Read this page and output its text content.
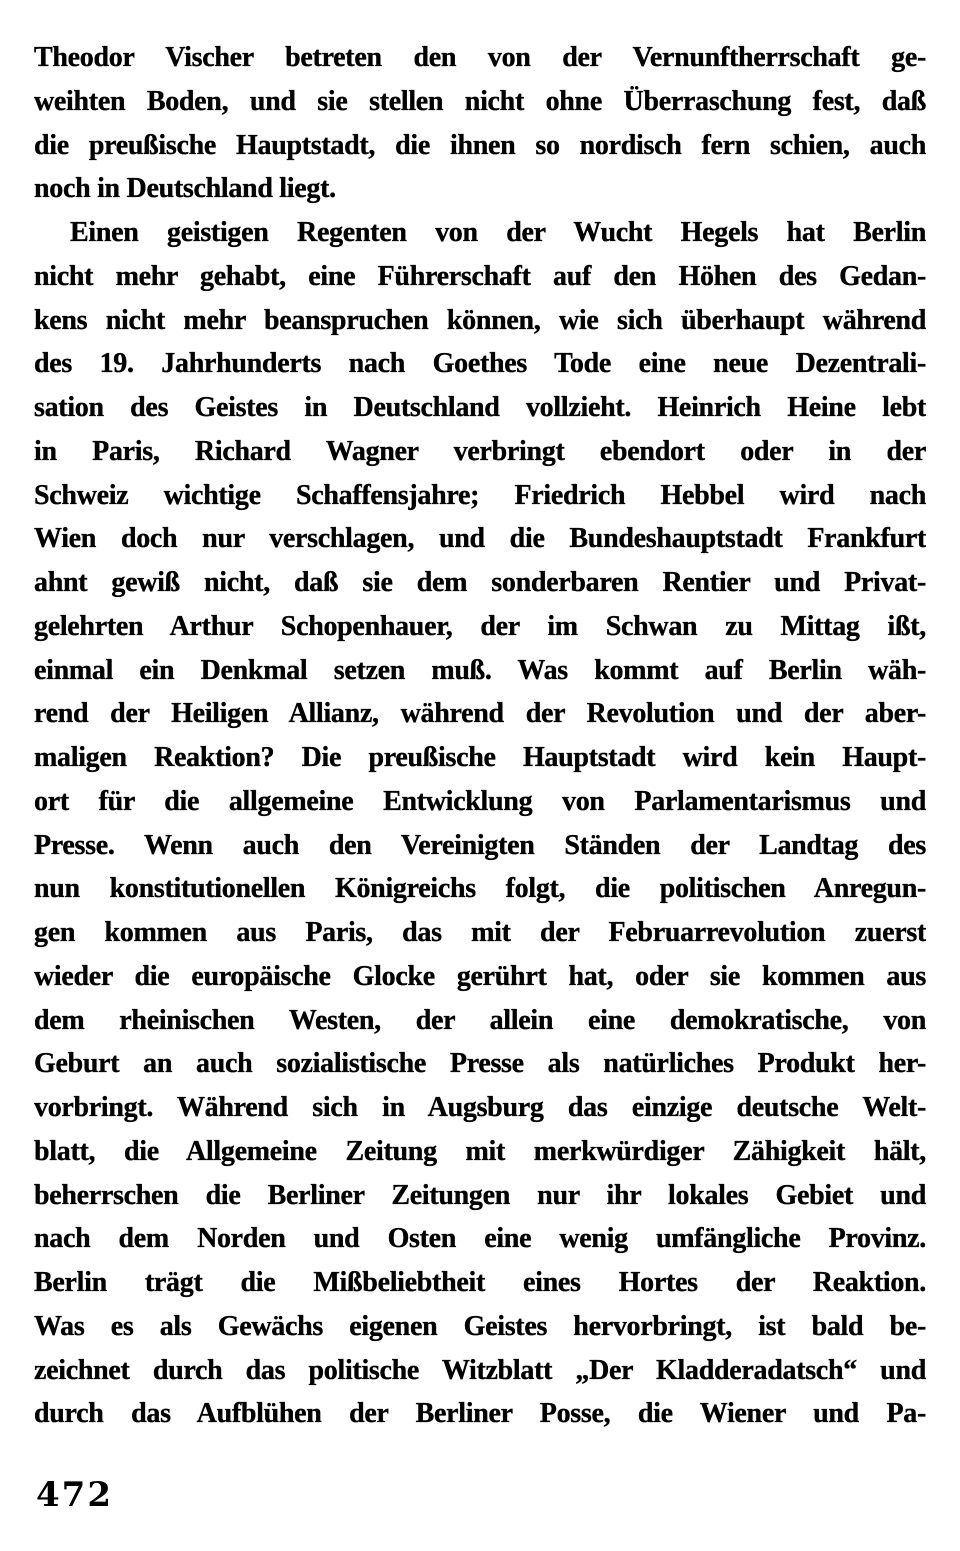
Theodor Vischer betreten den von der Vernunftherrschaft ge-
weihten Boden, und sie stellen nicht ohne Überraschung fest, daß
die preußische Hauptstadt, die ihnen so nordisch fern schien, auch
noch in Deutschland liegt.
Einen geistigen Regenten von der Wucht Hegels hat Berlin
nicht mehr gehabt, eine Führerschaft auf den Höhen des Gedan-
kens nicht mehr beanspruchen können, wie sich überhaupt während
des 19. Jahrhunderts nach Goethes Tode eine neue Dezentrali-
sation des Geistes in Deutschland vollzieht. Heinrich Heine lebt
in Paris, Richard Wagner verbringt ebendort oder in der
Schweiz wichtige Schaffensjahre; Friedrich Hebbel wird nach
Wien doch nur verschlagen, und die Bundeshauptstadt Frankfurt
ahnt gewiß nicht, daß sie dem sonderbaren Rentier und Privat-
gelehrten Arthur Schopenhauer, der im Schwan zu Mittag ißt,
einmal ein Denkmal setzen muß. Was kommt auf Berlin wäh-
rend der Heiligen Allianz, während der Revolution und der aber-
maligen Reaktion? Die preußische Hauptstadt wird kein Haupt-
ort für die allgemeine Entwicklung von Parlamentarismus und
Presse. Wenn auch den Vereinigten Ständen der Landtag des
nun konstitutionellen Königreichs folgt, die politischen Anregun-
gen kommen aus Paris, das mit der Februarrevolution zuerst
wieder die europäische Glocke gerührt hat, oder sie kommen aus
dem rheinischen Westen, der allein eine demokratische, von
Geburt an auch sozialistische Presse als natürliches Produkt her-
vorbringt. Während sich in Augsburg das einzige deutsche Welt-
blatt, die Allgemeine Zeitung mit merkwürdiger Zähigkeit hält,
beherrschen die Berliner Zeitungen nur ihr lokales Gebiet und
nach dem Norden und Osten eine wenig umfängliche Provinz.
Berlin trägt die Mißbeliebtheit eines Hortes der Reaktion.
Was es als Gewächs eigenen Geistes hervorbringt, ist bald be-
zeichnet durch das politische Witzblatt „Der Kladderadatsch“ und
durch das Aufblühen der Berliner Posse, die Wiener und Pa-
472
